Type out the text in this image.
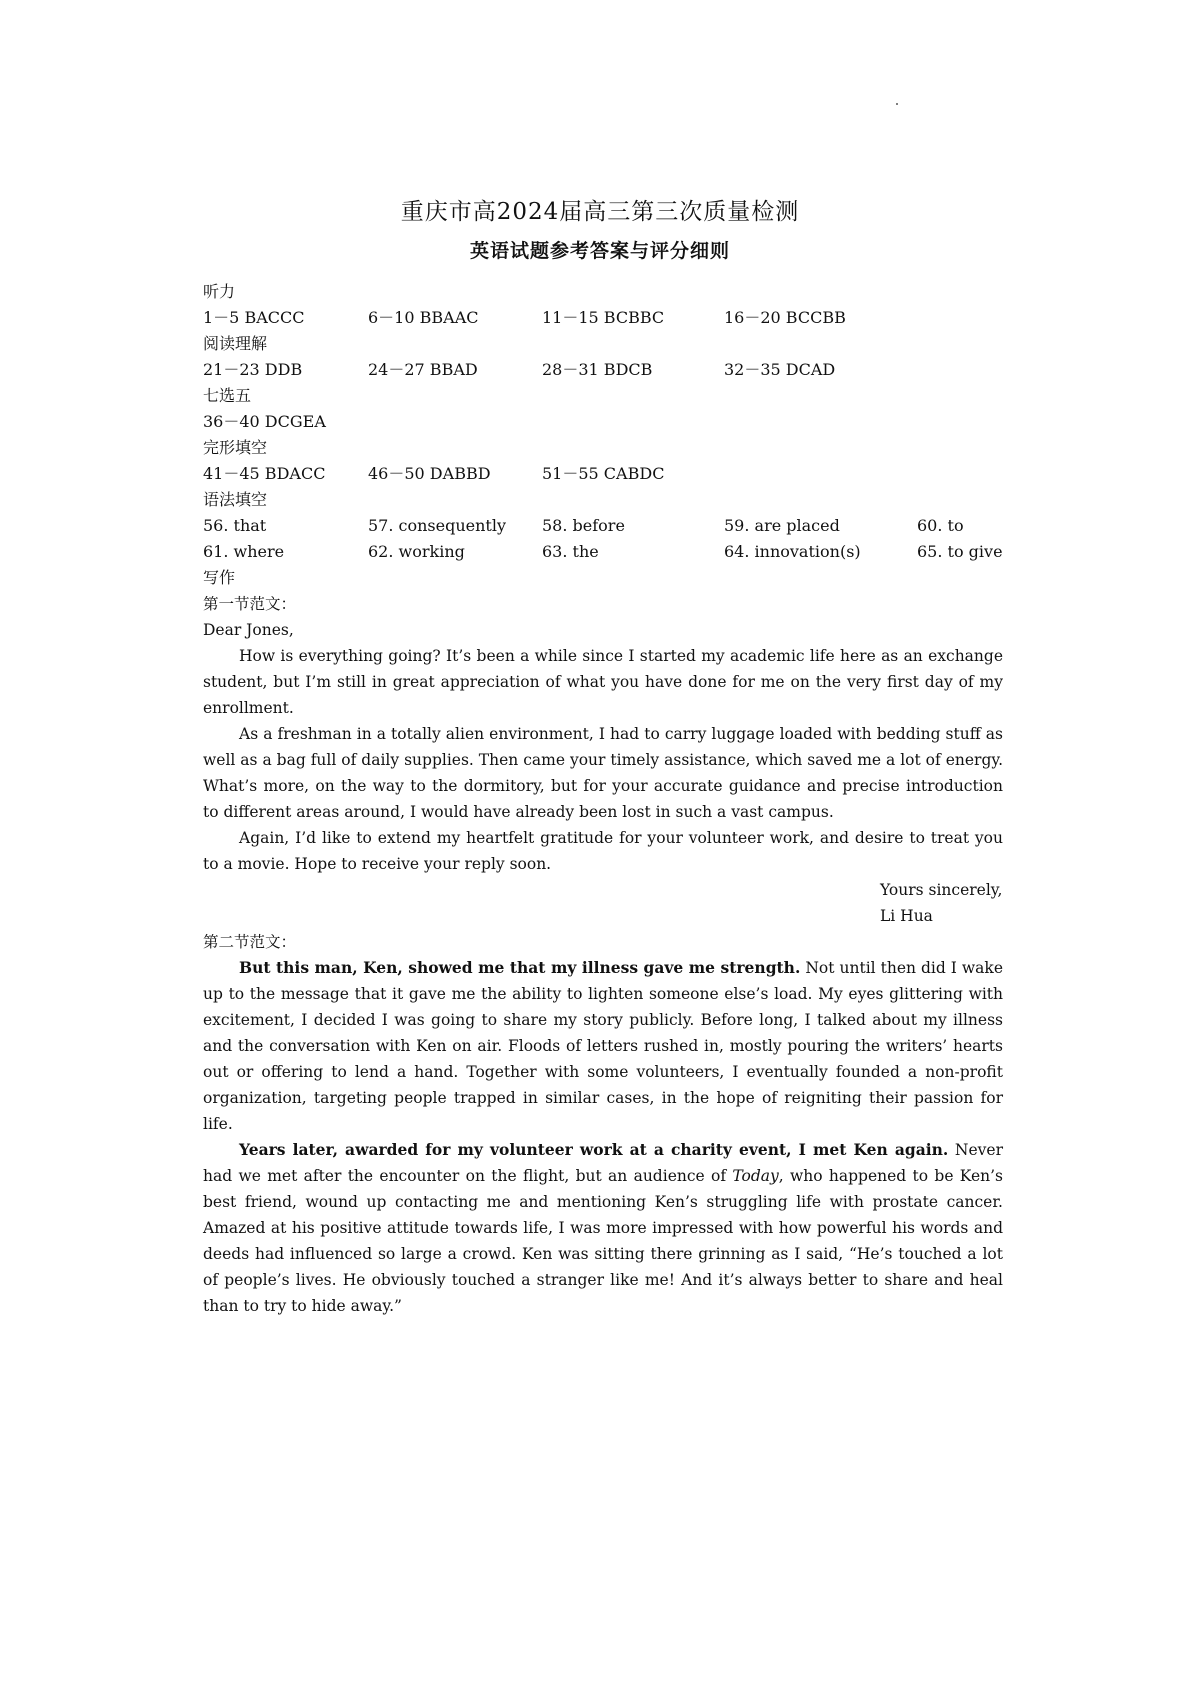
重庆市高2024届高三第三次质量检测
英语试题参考答案与评分细则
听力
1－5 BACCC	6－10 BBAAC	11－15 BCBBC	16－20 BCCBB
阅读理解
21－23 DDB	24－27 BBAD	28－31 BDCB	32－35 DCAD
七选五
36－40 DCGEA
完形填空
41－45 BDACC	46－50 DABBD	51－55 CABDC
语法填空
56. that	57. consequently 58. before	59. are placed	60. to
61. where	62. working	63. the	64. innovation(s)	65. to give
写作
第一节范文：
Dear Jones,

How is everything going? It’s been a while since I started my academic life here as an exchange student, but I’m still in great appreciation of what you have done for me on the very first day of my enrollment.

As a freshman in a totally alien environment, I had to carry luggage loaded with bedding stuff as well as a bag full of daily supplies. Then came your timely assistance, which saved me a lot of energy. What’s more, on the way to the dormitory, but for your accurate guidance and precise introduction to different areas around, I would have already been lost in such a vast campus.

Again, I’d like to extend my heartfelt gratitude for your volunteer work, and desire to treat you to a movie. Hope to receive your reply soon.

Yours sincerely,
Li Hua
第二节范文：

But this man, Ken, showed me that my illness gave me strength. Not until then did I wake up to the message that it gave me the ability to lighten someone else’s load. My eyes glittering with excitement, I decided I was going to share my story publicly. Before long, I talked about my illness and the conversation with Ken on air. Floods of letters rushed in, mostly pouring the writers’ hearts out or offering to lend a hand. Together with some volunteers, I eventually founded a non-profit organization, targeting people trapped in similar cases, in the hope of reigniting their passion for life.

Years later, awarded for my volunteer work at a charity event, I met Ken again. Never had we met after the encounter on the flight, but an audience of Today, who happened to be Ken’s best friend, wound up contacting me and mentioning Ken’s struggling life with prostate cancer. Amazed at his positive attitude towards life, I was more impressed with how powerful his words and deeds had influenced so large a crowd. Ken was sitting there grinning as I said, “He’s touched a lot of people’s lives. He obviously touched a stranger like me! And it’s always better to share and heal than to try to hide away.”
